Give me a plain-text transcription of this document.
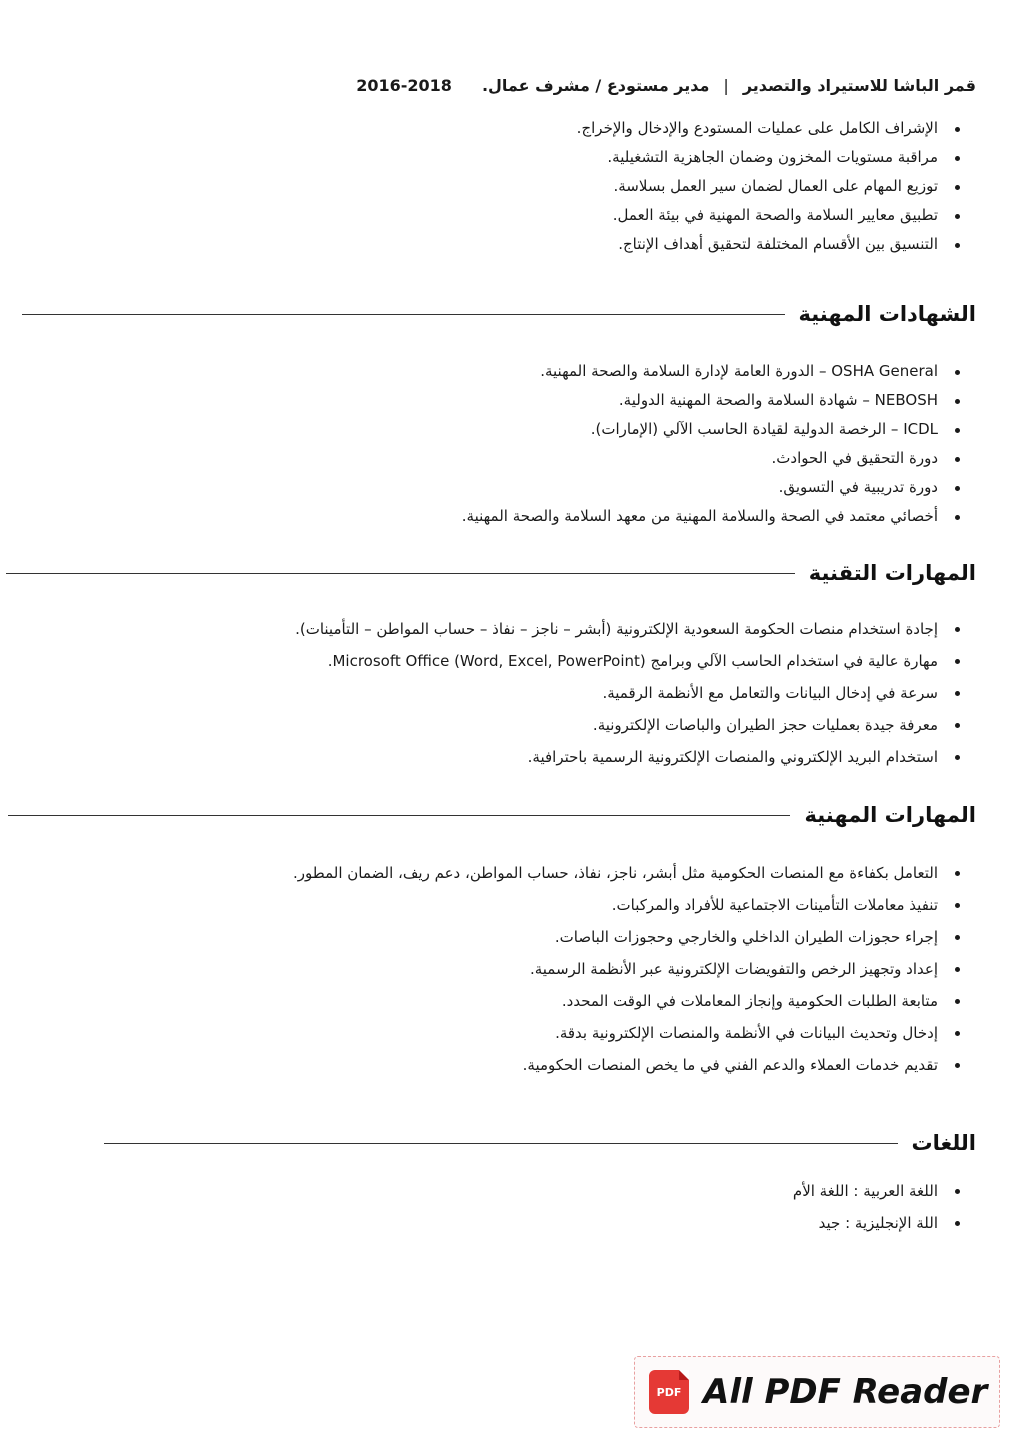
قمر الباشا للاستيراد والتصدير
|
مدير مستودع / مشرف عمال.
2016-2018
الإشراف الكامل على عمليات المستودع والإدخال والإخراج.
مراقبة مستويات المخزون وضمان الجاهزية التشغيلية.
توزيع المهام على العمال لضمان سير العمل بسلاسة.
تطبيق معايير السلامة والصحة المهنية في بيئة العمل.
التنسيق بين الأقسام المختلفة لتحقيق أهداف الإنتاج.
الشهادات المهنية
OSHA General – الدورة العامة لإدارة السلامة والصحة المهنية.
NEBOSH – شهادة السلامة والصحة المهنية الدولية.
ICDL – الرخصة الدولية لقيادة الحاسب الآلي (الإمارات).
دورة التحقيق في الحوادث.
دورة تدريبية في التسويق.
أخصائي معتمد في الصحة والسلامة المهنية من معهد السلامة والصحة المهنية.
المهارات التقنية
إجادة استخدام منصات الحكومة السعودية الإلكترونية (أبشر – ناجز – نفاذ – حساب المواطن – التأمينات).
مهارة عالية في استخدام الحاسب الآلي وبرامج Microsoft Office (Word, Excel, PowerPoint).
سرعة في إدخال البيانات والتعامل مع الأنظمة الرقمية.
معرفة جيدة بعمليات حجز الطيران والباصات الإلكترونية.
استخدام البريد الإلكتروني والمنصات الإلكترونية الرسمية باحترافية.
المهارات المهنية
التعامل بكفاءة مع المنصات الحكومية مثل أبشر، ناجز، نفاذ، حساب المواطن، دعم ريف، الضمان المطور.
تنفيذ معاملات التأمينات الاجتماعية للأفراد والمركبات.
إجراء حجوزات الطيران الداخلي والخارجي وحجوزات الباصات.
إعداد وتجهيز الرخص والتفويضات الإلكترونية عبر الأنظمة الرسمية.
متابعة الطلبات الحكومية وإنجاز المعاملات في الوقت المحدد.
إدخال وتحديث البيانات في الأنظمة والمنصات الإلكترونية بدقة.
تقديم خدمات العملاء والدعم الفني في ما يخص المنصات الحكومية.
اللغات
اللغة العربية : اللغة الأم
اللة الإنجليزية : جيد
PDF All PDF Reader
